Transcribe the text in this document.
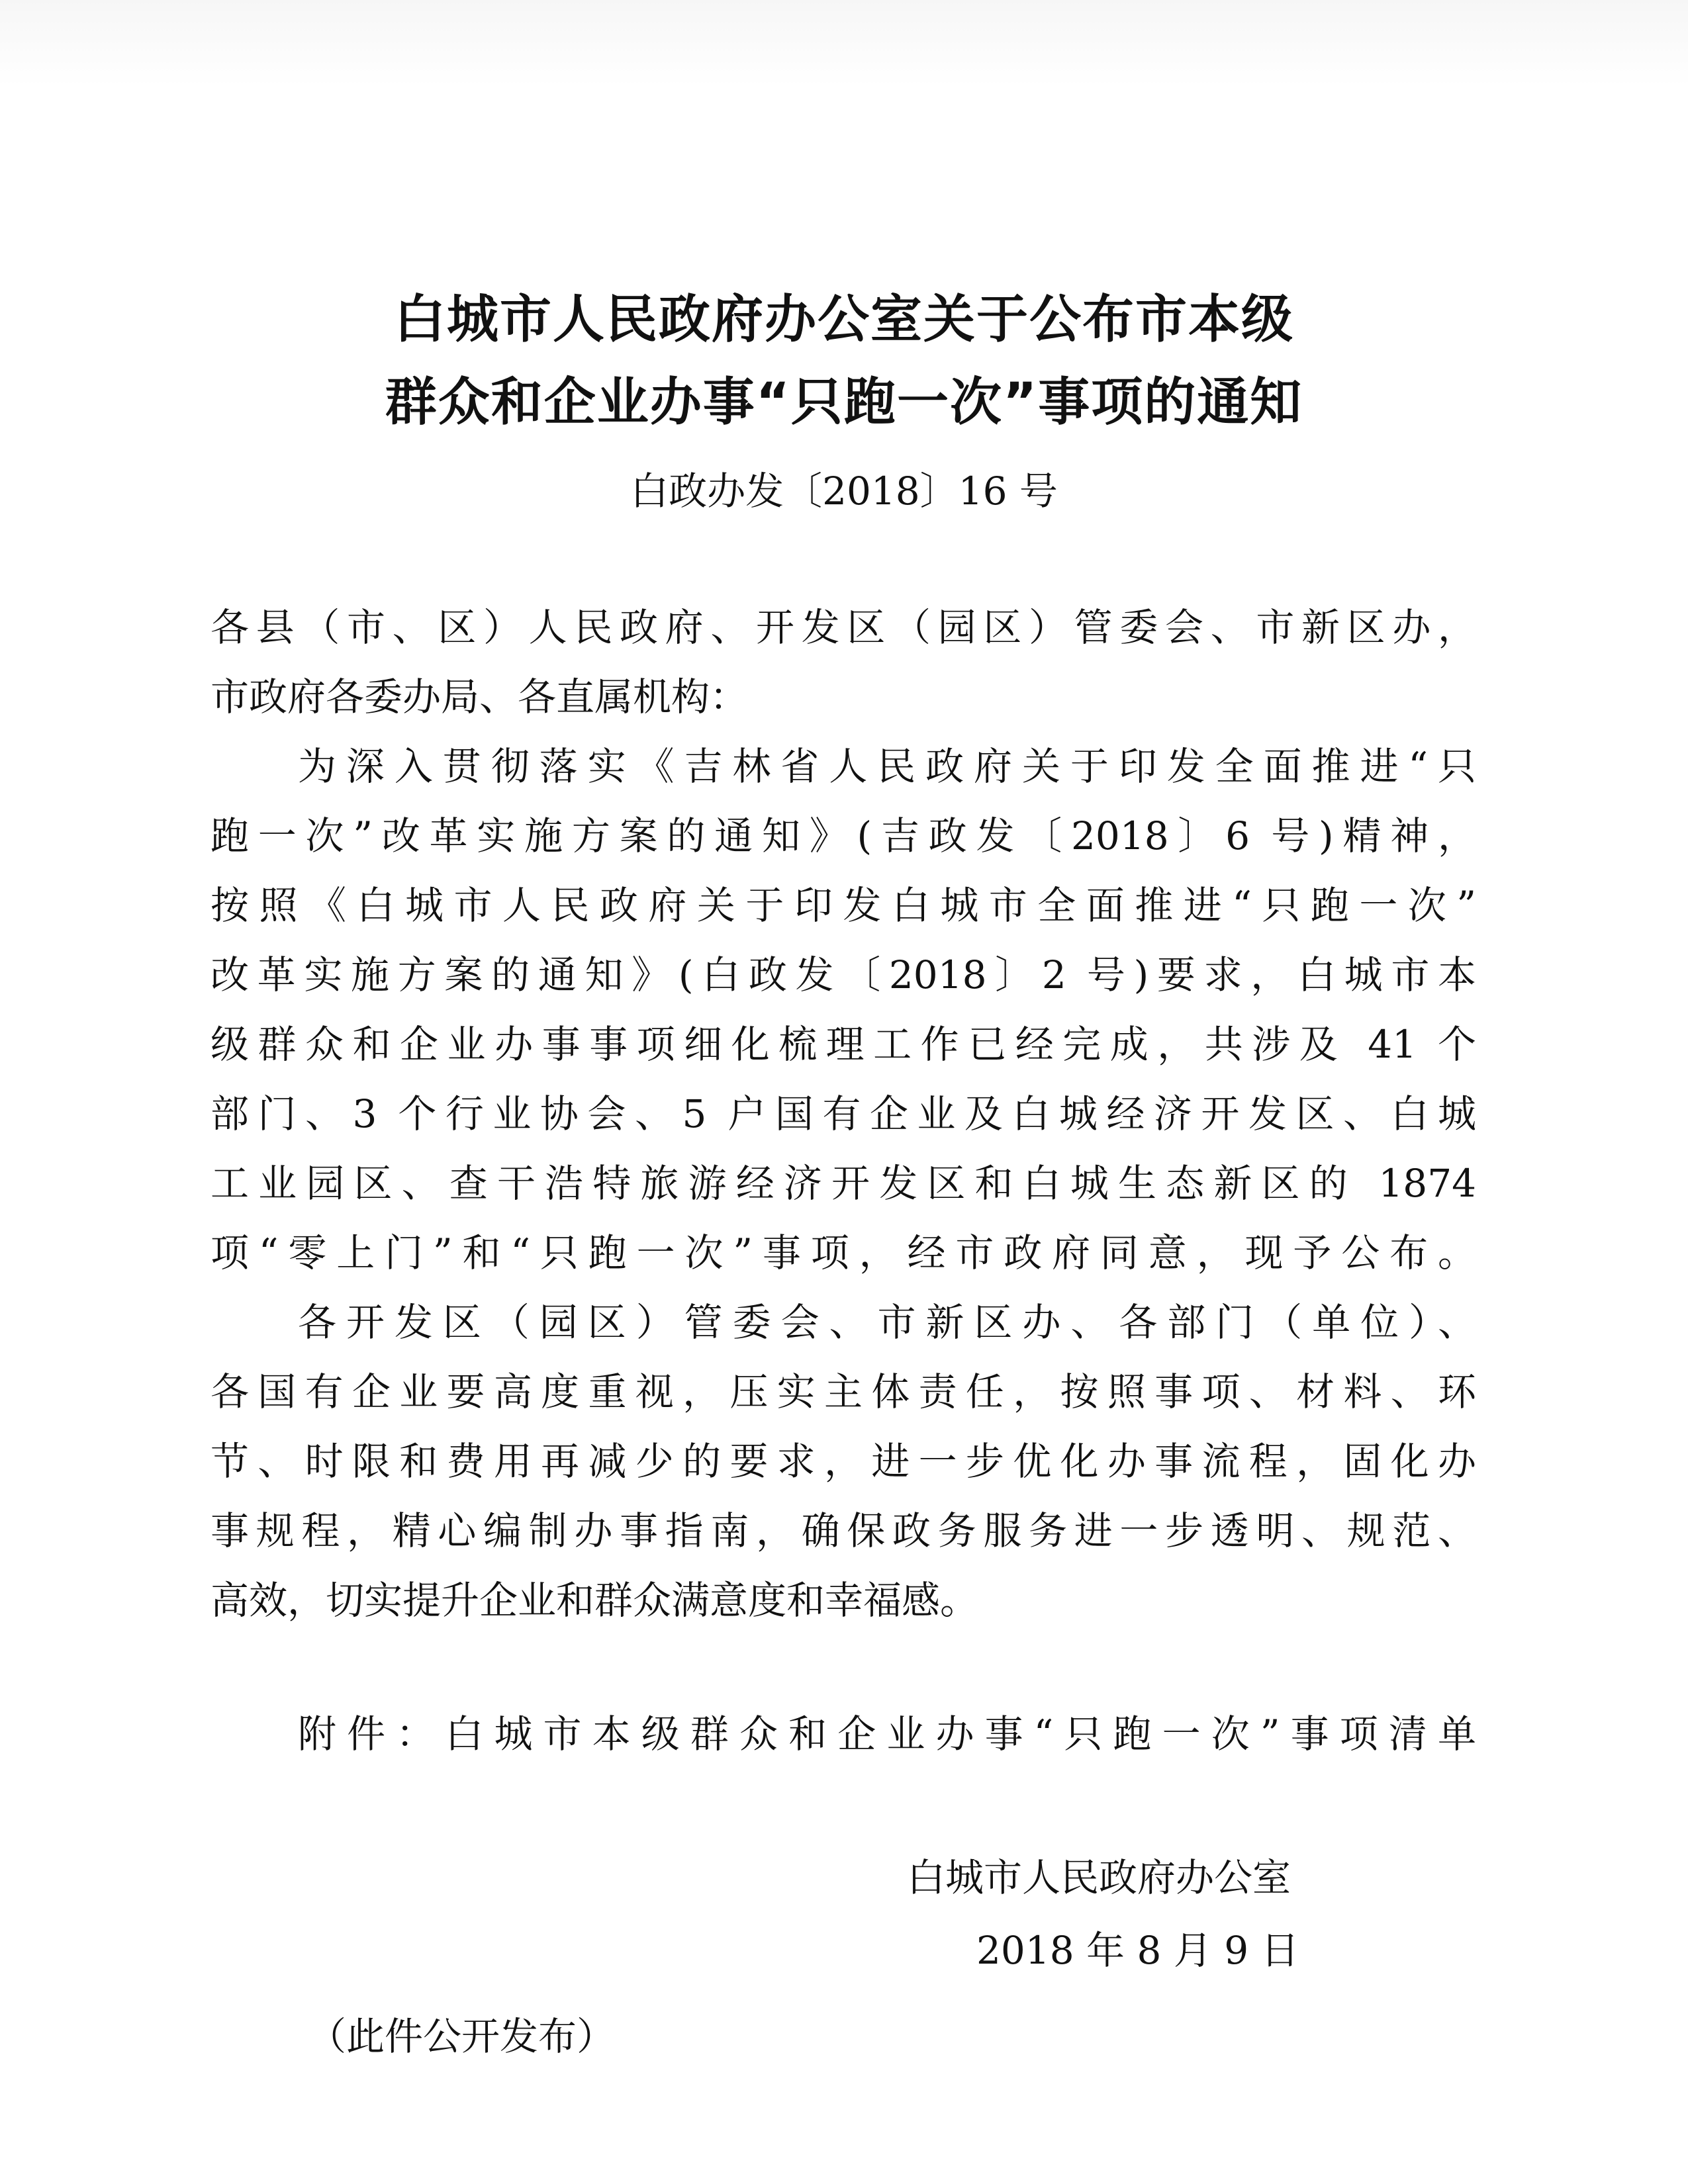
白城市人民政府办公室关于公布市本级
群众和企业办事“只跑一次”事项的通知
白政办发〔2018〕16 号
各县（市、区）人民政府、开发区（园区）管委会、市新区办，
市政府各委办局、各直属机构：
为深入贯彻落实《吉林省人民政府关于印发全面推进“只
跑一次”改革实施方案的通知》(吉政发〔2018〕6 号)精神，
按照《白城市人民政府关于印发白城市全面推进“只跑一次”
改革实施方案的通知》(白政发〔2018〕2 号)要求，白城市本
级群众和企业办事事项细化梳理工作已经完成，共涉及 41 个
部门、3 个行业协会、5 户国有企业及白城经济开发区、白城
工业园区、查干浩特旅游经济开发区和白城生态新区的 1874
项“零上门”和“只跑一次”事项，经市政府同意，现予公布。
各开发区（园区）管委会、市新区办、各部门（单位）、
各国有企业要高度重视，压实主体责任，按照事项、材料、环
节、时限和费用再减少的要求，进一步优化办事流程，固化办
事规程，精心编制办事指南，确保政务服务进一步透明、规范、
高效，切实提升企业和群众满意度和幸福感。
附件：白城市本级群众和企业办事“只跑一次”事项清单
白城市人民政府办公室
2018 年 8 月 9 日
（此件公开发布）
